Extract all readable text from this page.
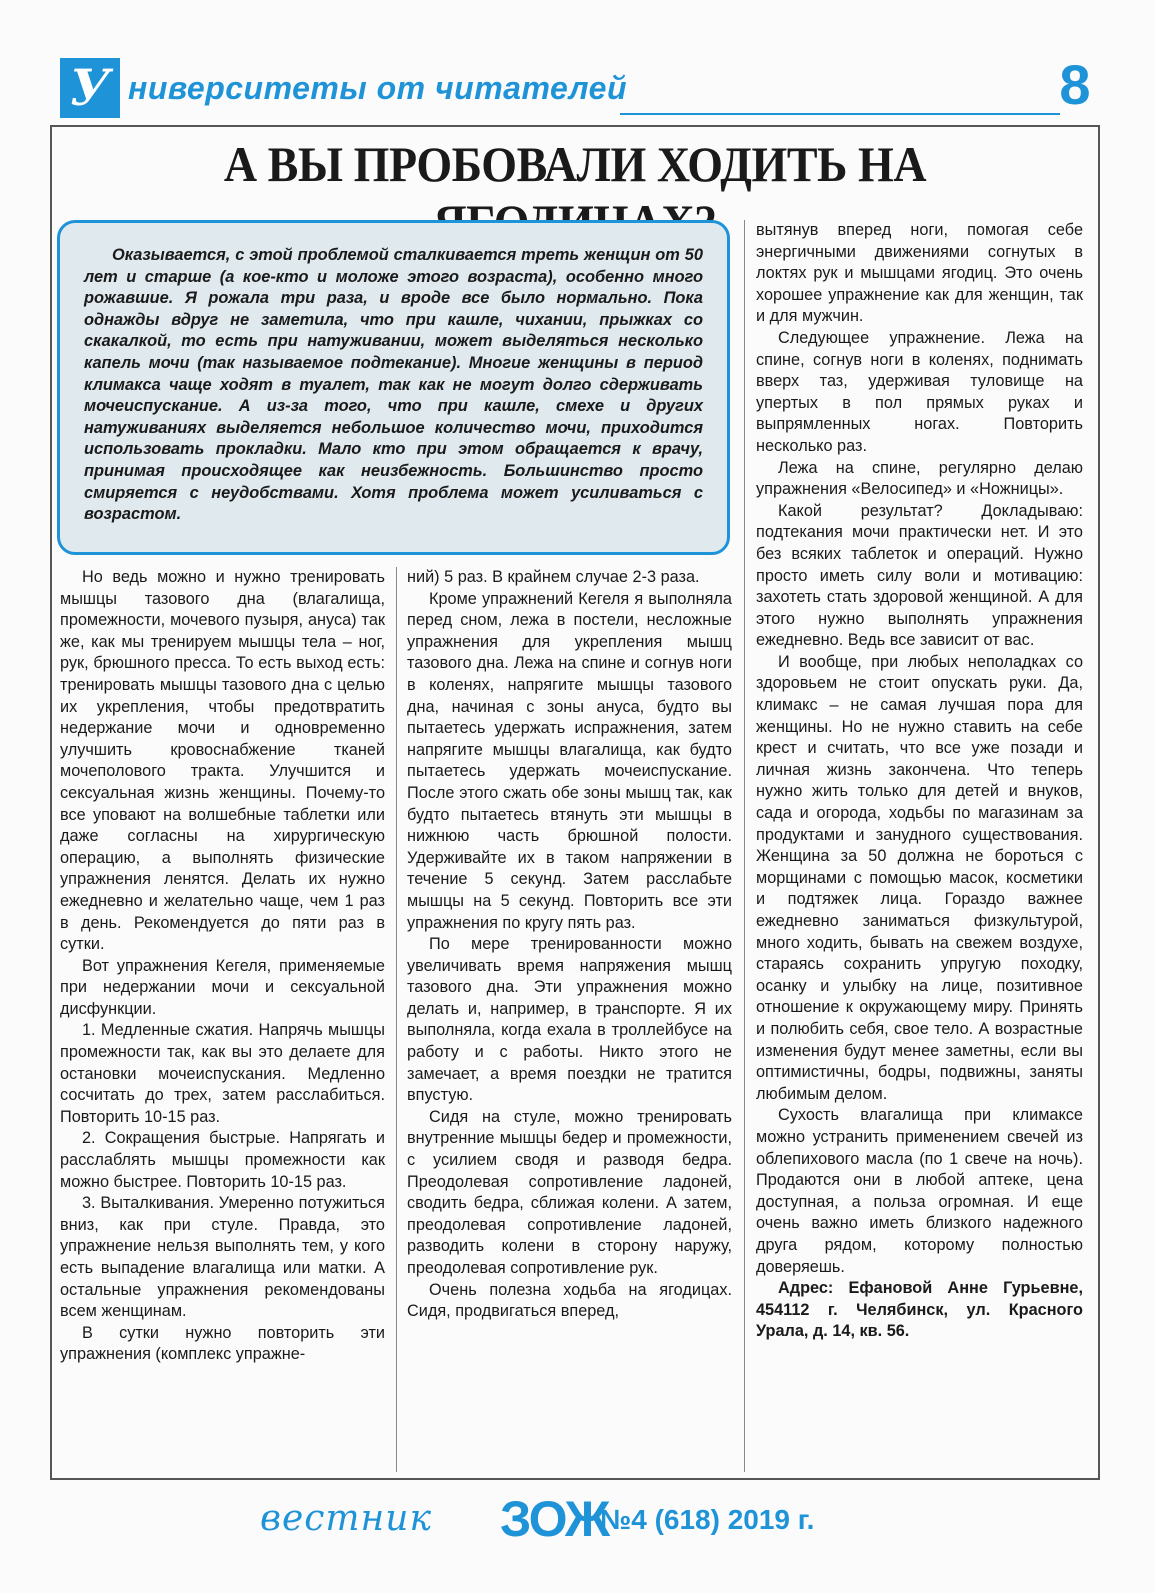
У ниверситеты от читателей	8
А ВЫ ПРОБОВАЛИ ХОДИТЬ НА

Оказывается, с этой проблемой сталкивается треть женщин от 50 лет и старше (а кое-кто и моложе этого возраста), особенно много рожавшие. Я рожала три раза, и вроде все было нормально. Пока однажды вдруг не заметила, что при кашле, чихании, прыжках со скакалкой, то есть при натуживании, может выделяться несколько капель мочи (так называемое подтекание). Многие женщины в период климакса чаще ходят в туалет, так как не могут долго сдерживать мочеиспускание. А из-за того, что при кашле, смехе и других натуживаниях выделяется небольшое количество мочи, приходится использовать прокладки. Мало кто при этом обращается к врачу, принимая происходящее как неизбежность. Большинство просто смиряется с неудобствами. Хотя проблема может усиливаться с возрастом.

Но ведь можно и нужно тренировать мышцы тазового дна (влагалища, промежности, мочевого пузыря, ануса) так же, как мы тренируем мышцы тела – ног, рук, брюшного пресса. То есть выход есть: тренировать мышцы тазового дна с целью их укрепления, чтобы предотвратить недержание мочи и одновременно улучшить кровоснабжение тканей мочеполового тракта. Улучшится и сексуальная жизнь женщины. Почему-то все уповают на волшебные таблетки или даже согласны на хирургическую операцию, а выполнять физические упражнения ленятся. Делать их нужно ежедневно и желательно чаще, чем 1 раз в день. Рекомендуется до пяти раз в сутки.

Вот упражнения Кегеля, применяемые при недержании мочи и сексуальной дисфункции.

1. Медленные сжатия. Напрячь мышцы промежности так, как вы это делаете для остановки мочеиспускания. Медленно сосчитать до трех, затем расслабиться. Повторить 10-15 раз.

2. Сокращения быстрые. Напрягать и расслаблять мышцы промежности как можно быстрее. Повторить 10-15 раз.

3. Выталкивания. Умеренно потужиться вниз, как при стуле. Правда, это упражнение нельзя выполнять тем, у кого есть выпадение влагалища или матки. А остальные упражнения рекомендованы всем женщинам.

В сутки нужно повторить эти упражнения (комплекс упражне-

ний) 5 раз. В крайнем случае 2-3 раза.

Кроме упражнений Кегеля я выполняла перед сном, лежа в постели, несложные упражнения для укрепления мышц тазового дна. Лежа на спине и согнув ноги в коленях, напрягите мышцы тазового дна, начиная с зоны ануса, будто вы пытаетесь удержать испражнения, затем напрягите мышцы влагалища, как будто пытаетесь удержать мочеиспускание. После этого сжать обе зоны мышц так, как будто пытаетесь втянуть эти мышцы в нижнюю часть брюшной полости. Удерживайте их в таком напряжении в течение 5 секунд. Затем расслабьте мышцы на 5 секунд. Повторить все эти упражнения по кругу пять раз.

По мере тренированности можно увеличивать время напряжения мышц тазового дна. Эти упражнения можно делать и, например, в транспорте. Я их выполняла, когда ехала в троллейбусе на работу и с работы. Никто этого не замечает, а время поездки не тратится впустую.

Сидя на стуле, можно тренировать внутренние мышцы бедер и промежности, с усилием сводя и разводя бедра. Преодолевая сопротивление ладоней, сводить бедра, сближая колени. А затем, преодолевая сопротивление ладоней, разводить колени в сторону наружу, преодолевая сопротивление рук.

Очень полезна ходьба на ягодицах. Сидя, продвигаться вперед,

вытянув вперед ноги, помогая себе энергичными движениями согнутых в локтях рук и мышцами ягодиц. Это очень хорошее упражнение как для женщин, так и для мужчин.

Следующее упражнение. Лежа на спине, согнув ноги в коленях, поднимать вверх таз, удерживая туловище на упертых в пол прямых руках и выпрямленных ногах. Повторить несколько раз.

Лежа на спине, регулярно делаю упражнения «Велосипед» и «Ножницы».

Какой результат? Докладываю: подтекания мочи практически нет. И это без всяких таблеток и операций. Нужно просто иметь силу воли и мотивацию: захотеть стать здоровой женщиной. А для этого нужно выполнять упражнения ежедневно. Ведь все зависит от вас.

И вообще, при любых неполадках со здоровьем не стоит опускать руки. Да, климакс – не самая лучшая пора для женщины. Но не нужно ставить на себе крест и считать, что все уже позади и личная жизнь закончена. Что теперь нужно жить только для детей и внуков, сада и огорода, ходьбы по магазинам за продуктами и занудного существования. Женщина за 50 должна не бороться с морщинами с помощью масок, косметики и подтяжек лица. Гораздо важнее ежедневно заниматься физкультурой, много ходить, бывать на свежем воздухе, стараясь сохранить упругую походку, осанку и улыбку на лице, позитивное отношение к окружающему миру. Принять и полюбить себя, свое тело. А возрастные изменения будут менее заметны, если вы оптимистичны, бодры, подвижны, заняты любимым делом.

Сухость влагалища при климаксе можно устранить применением свечей из облепихового масла (по 1 свече на ночь). Продаются они в любой аптеке, цена доступная, а польза огромная. И еще очень важно иметь близкого надежного друга рядом, которому полностью доверяешь.

Адрес: Ефановой Анне Гурьевне, 454112 г. Челябинск, ул. Красного Урала, д. 14, кв. 56.

вестник ЗОЖ
№4 (618) 2019 г.
